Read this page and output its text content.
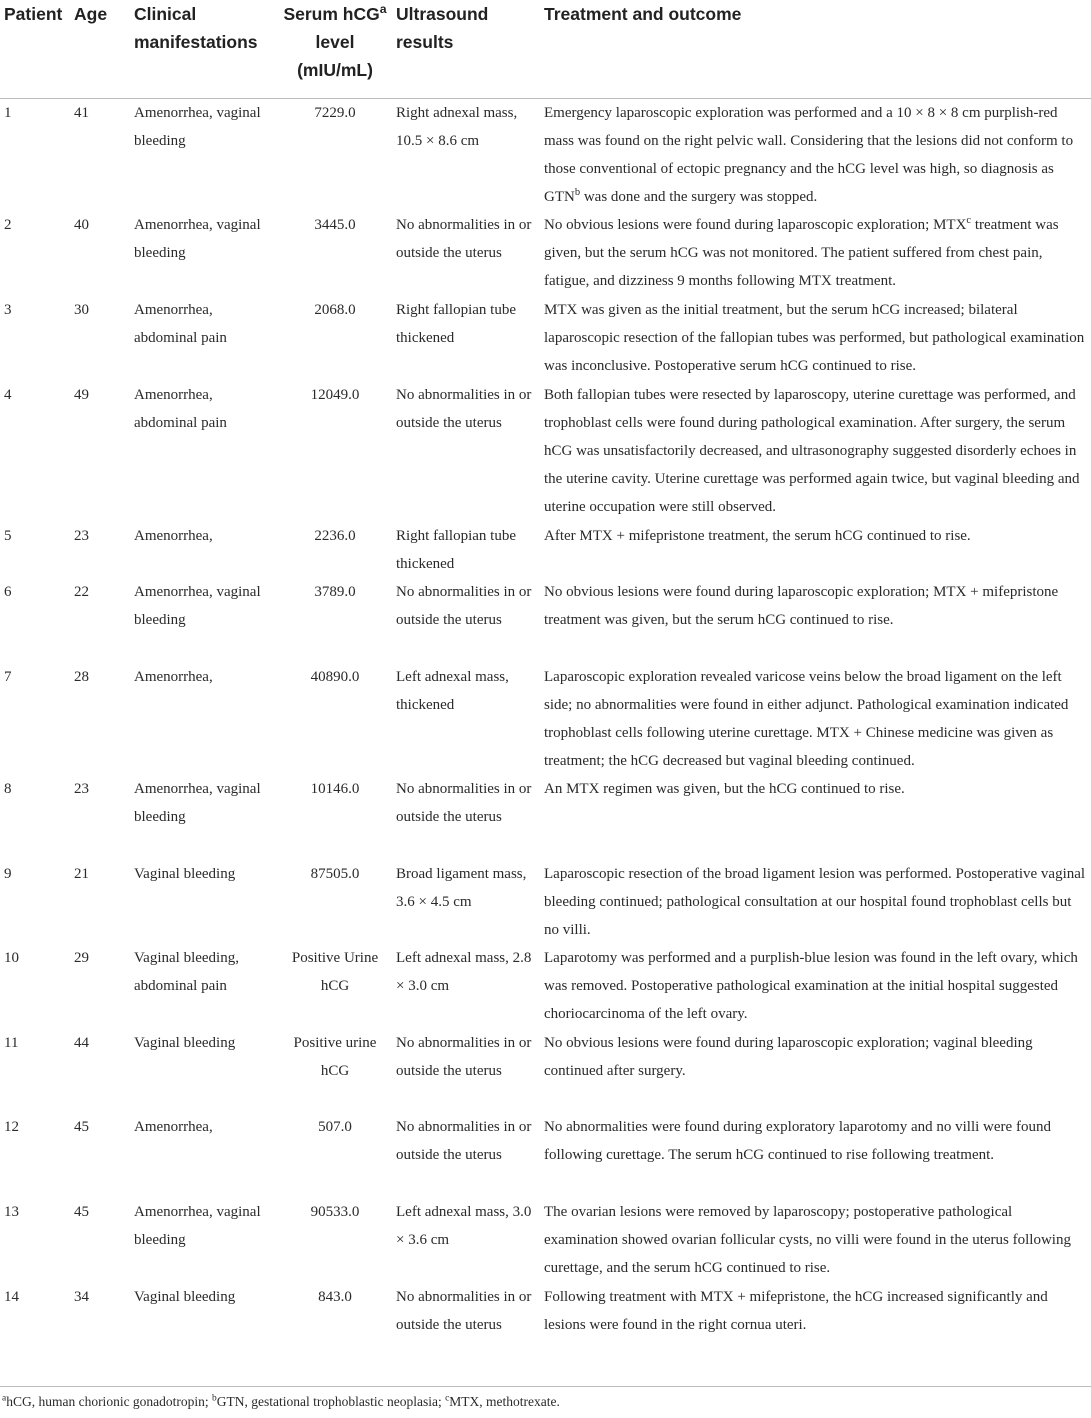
Patient	Age	Clinical manifestations	Serum hCG$^a$ level (mIU/mL)	Ultrasound results	Treatment and outcome
1	41	Amenorrhea, vaginal bleeding	7229.0	Right adnexal mass, 10.5 × 8.6 cm	Emergency laparoscopic exploration was performed and a 10 × 8 × 8 cm purplish-red mass was found on the right pelvic wall. Considering that the lesions did not conform to those conventional of ectopic pregnancy and the hCG level was high, so diagnosis as GTN$^b$ was done and the surgery was stopped.
2	40	Amenorrhea, vaginal bleeding	3445.0	No abnormalities in or outside the uterus	No obvious lesions were found during laparoscopic exploration; MTX$^c$ treatment was given, but the serum hCG was not monitored. The patient suffered from chest pain, fatigue, and dizziness 9 months following MTX treatment.
3	30	Amenorrhea, abdominal pain	2068.0	Right fallopian tube thickened	MTX was given as the initial treatment, but the serum hCG increased; bilateral laparoscopic resection of the fallopian tubes was performed, but pathological examination was inconclusive. Postoperative serum hCG continued to rise.
4	49	Amenorrhea, abdominal pain	12049.0	No abnormalities in or outside the uterus	Both fallopian tubes were resected by laparoscopy, uterine curettage was performed, and trophoblast cells were found during pathological examination. After surgery, the serum hCG was unsatisfactorily decreased, and ultrasonography suggested disorderly echoes in the uterine cavity. Uterine curettage was performed again twice, but vaginal bleeding and uterine occupation were still observed.
5	23	Amenorrhea,	2236.0	Right fallopian tube thickened	After MTX + mifepristone treatment, the serum hCG continued to rise.
6	22	Amenorrhea, vaginal bleeding	3789.0	No abnormalities in or outside the uterus	No obvious lesions were found during laparoscopic exploration; MTX + mifepristone treatment was given, but the serum hCG continued to rise.
7	28	Amenorrhea,	40890.0	Left adnexal mass, thickened	Laparoscopic exploration revealed varicose veins below the broad ligament on the left side; no abnormalities were found in either adjunct. Pathological examination indicated trophoblast cells following uterine curettage. MTX + Chinese medicine was given as treatment; the hCG decreased but vaginal bleeding continued.
8	23	Amenorrhea, vaginal bleeding	10146.0	No abnormalities in or outside the uterus	An MTX regimen was given, but the hCG continued to rise.
9	21	Vaginal bleeding	87505.0	Broad ligament mass, 3.6 × 4.5 cm	Laparoscopic resection of the broad ligament lesion was performed. Postoperative vaginal bleeding continued; pathological consultation at our hospital found trophoblast cells but no villi.
10	29	Vaginal bleeding, abdominal pain	Positive Urine hCG	Left adnexal mass, 2.8 × 3.0 cm	Laparotomy was performed and a purplish-blue lesion was found in the left ovary, which was removed. Postoperative pathological examination at the initial hospital suggested choriocarcinoma of the left ovary.
11	44	Vaginal bleeding	Positive urine hCG	No abnormalities in or outside the uterus	No obvious lesions were found during laparoscopic exploration; vaginal bleeding continued after surgery.
12	45	Amenorrhea,	507.0	No abnormalities in or outside the uterus	No abnormalities were found during exploratory laparotomy and no villi were found following curettage. The serum hCG continued to rise following treatment.
13	45	Amenorrhea, vaginal bleeding	90533.0	Left adnexal mass, 3.0 × 3.6 cm	The ovarian lesions were removed by laparoscopy; postoperative pathological examination showed ovarian follicular cysts, no villi were found in the uterus following curettage, and the serum hCG continued to rise.
14	34	Vaginal bleeding	843.0	No abnormalities in or outside the uterus	Following treatment with MTX + mifepristone, the hCG increased significantly and lesions were found in the right cornua uteri.
$^a$hCG, human chorionic gonadotropin; $^b$GTN, gestational trophoblastic neoplasia; $^c$MTX, methotrexate.
